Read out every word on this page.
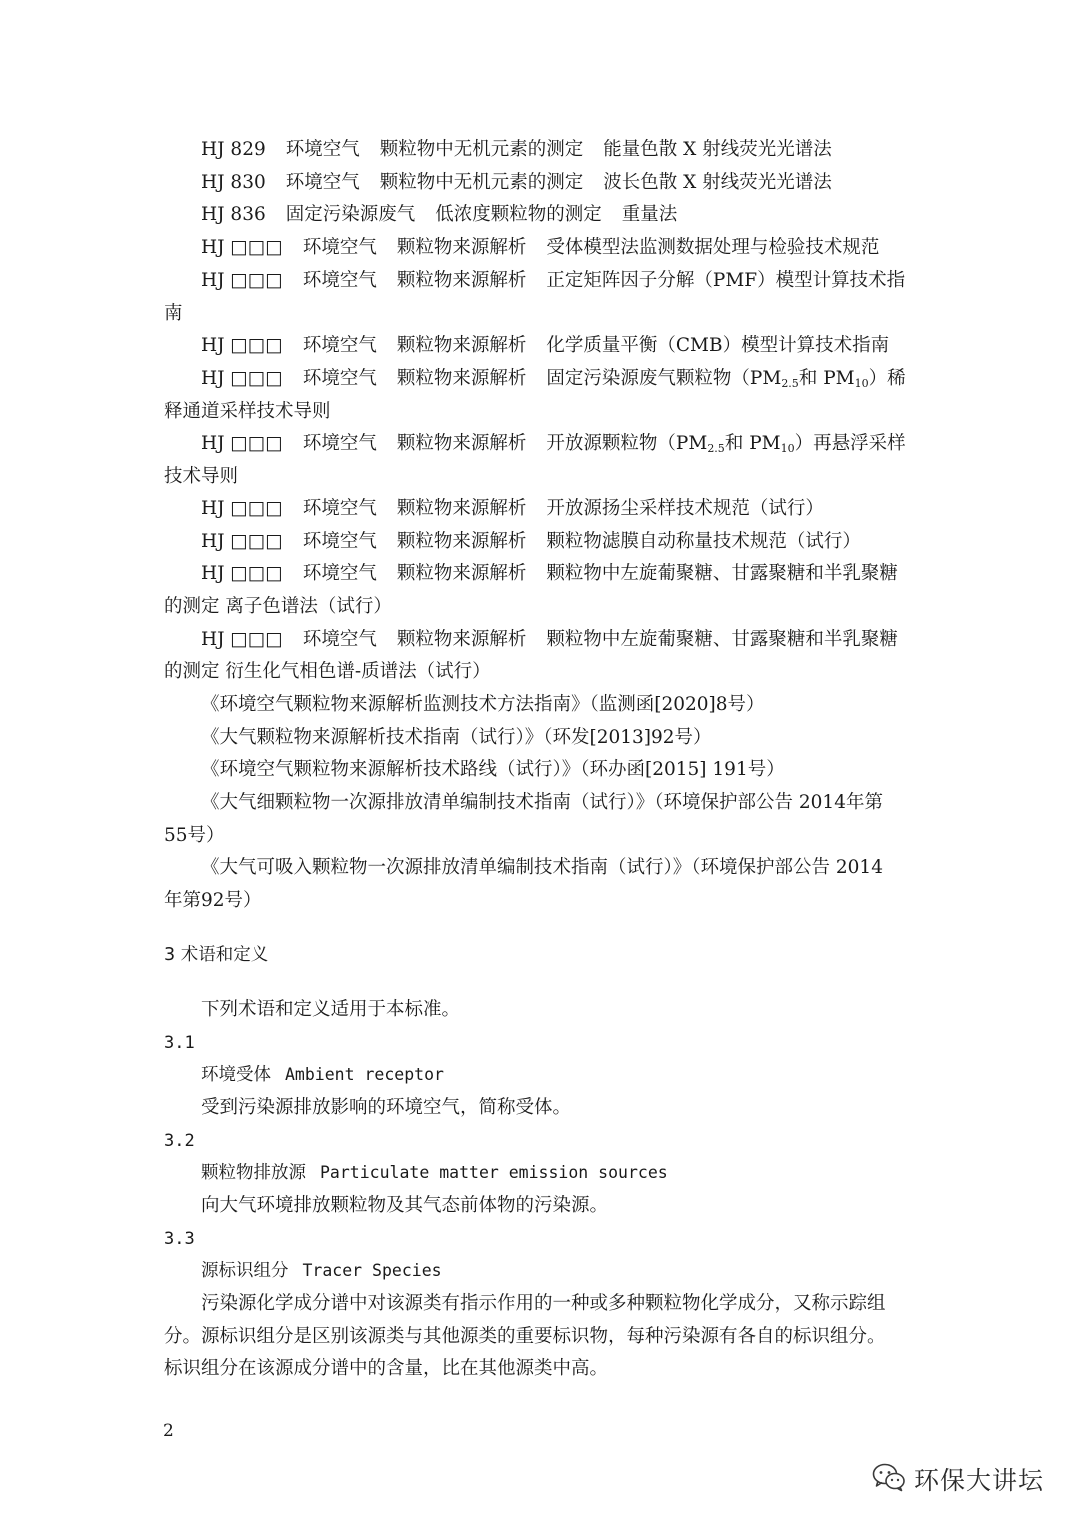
HJ 829 环境空气 颗粒物中无机元素的测定 能量色散 X 射线荧光光谱法
HJ 830 环境空气 颗粒物中无机元素的测定 波长色散 X 射线荧光光谱法
HJ 836 固定污染源废气 低浓度颗粒物的测定 重量法
HJ □□□ 环境空气 颗粒物来源解析 受体模型法监测数据处理与检验技术规范
HJ □□□ 环境空气 颗粒物来源解析 正定矩阵因子分解（PMF）模型计算技术指
南
HJ □□□ 环境空气 颗粒物来源解析 化学质量平衡（CMB）模型计算技术指南
HJ □□□ 环境空气 颗粒物来源解析 固定污染源废气颗粒物（$PM_{2.5}$和 $PM_{10}$）稀
释通道采样技术导则
HJ □□□ 环境空气 颗粒物来源解析 开放源颗粒物（$PM_{2.5}$和 $PM_{10}$）再悬浮采样
技术导则
HJ □□□ 环境空气 颗粒物来源解析 开放源扬尘采样技术规范（试行）
HJ □□□ 环境空气 颗粒物来源解析 颗粒物滤膜自动称量技术规范（试行）
HJ □□□ 环境空气 颗粒物来源解析 颗粒物中左旋葡聚糖、甘露聚糖和半乳聚糖
的测定 离子色谱法（试行）
HJ □□□ 环境空气 颗粒物来源解析 颗粒物中左旋葡聚糖、甘露聚糖和半乳聚糖
的测定 衍生化气相色谱-质谱法（试行）
《环境空气颗粒物来源解析监测技术方法指南》（监测函[2020]8号）
《大气颗粒物来源解析技术指南（试行）》（环发[2013]92号）
《环境空气颗粒物来源解析技术路线（试行）》（环办函[2015] 191号）
《大气细颗粒物一次源排放清单编制技术指南（试行）》（环境保护部公告 2014年第
55号）
《大气可吸入颗粒物一次源排放清单编制技术指南（试行）》（环境保护部公告 2014
年第92号）
3 术语和定义
下列术语和定义适用于本标准。
3.1
环境受体 Ambient receptor
受到污染源排放影响的环境空气，简称受体。
3.2
颗粒物排放源 Particulate matter emission sources
向大气环境排放颗粒物及其气态前体物的污染源。
3.3
源标识组分 Tracer Species
污染源化学成分谱中对该源类有指示作用的一种或多种颗粒物化学成分，又称示踪组
分。源标识组分是区别该源类与其他源类的重要标识物，每种污染源有各自的标识组分。
标识组分在该源成分谱中的含量，比在其他源类中高。
2
环保大讲坛
